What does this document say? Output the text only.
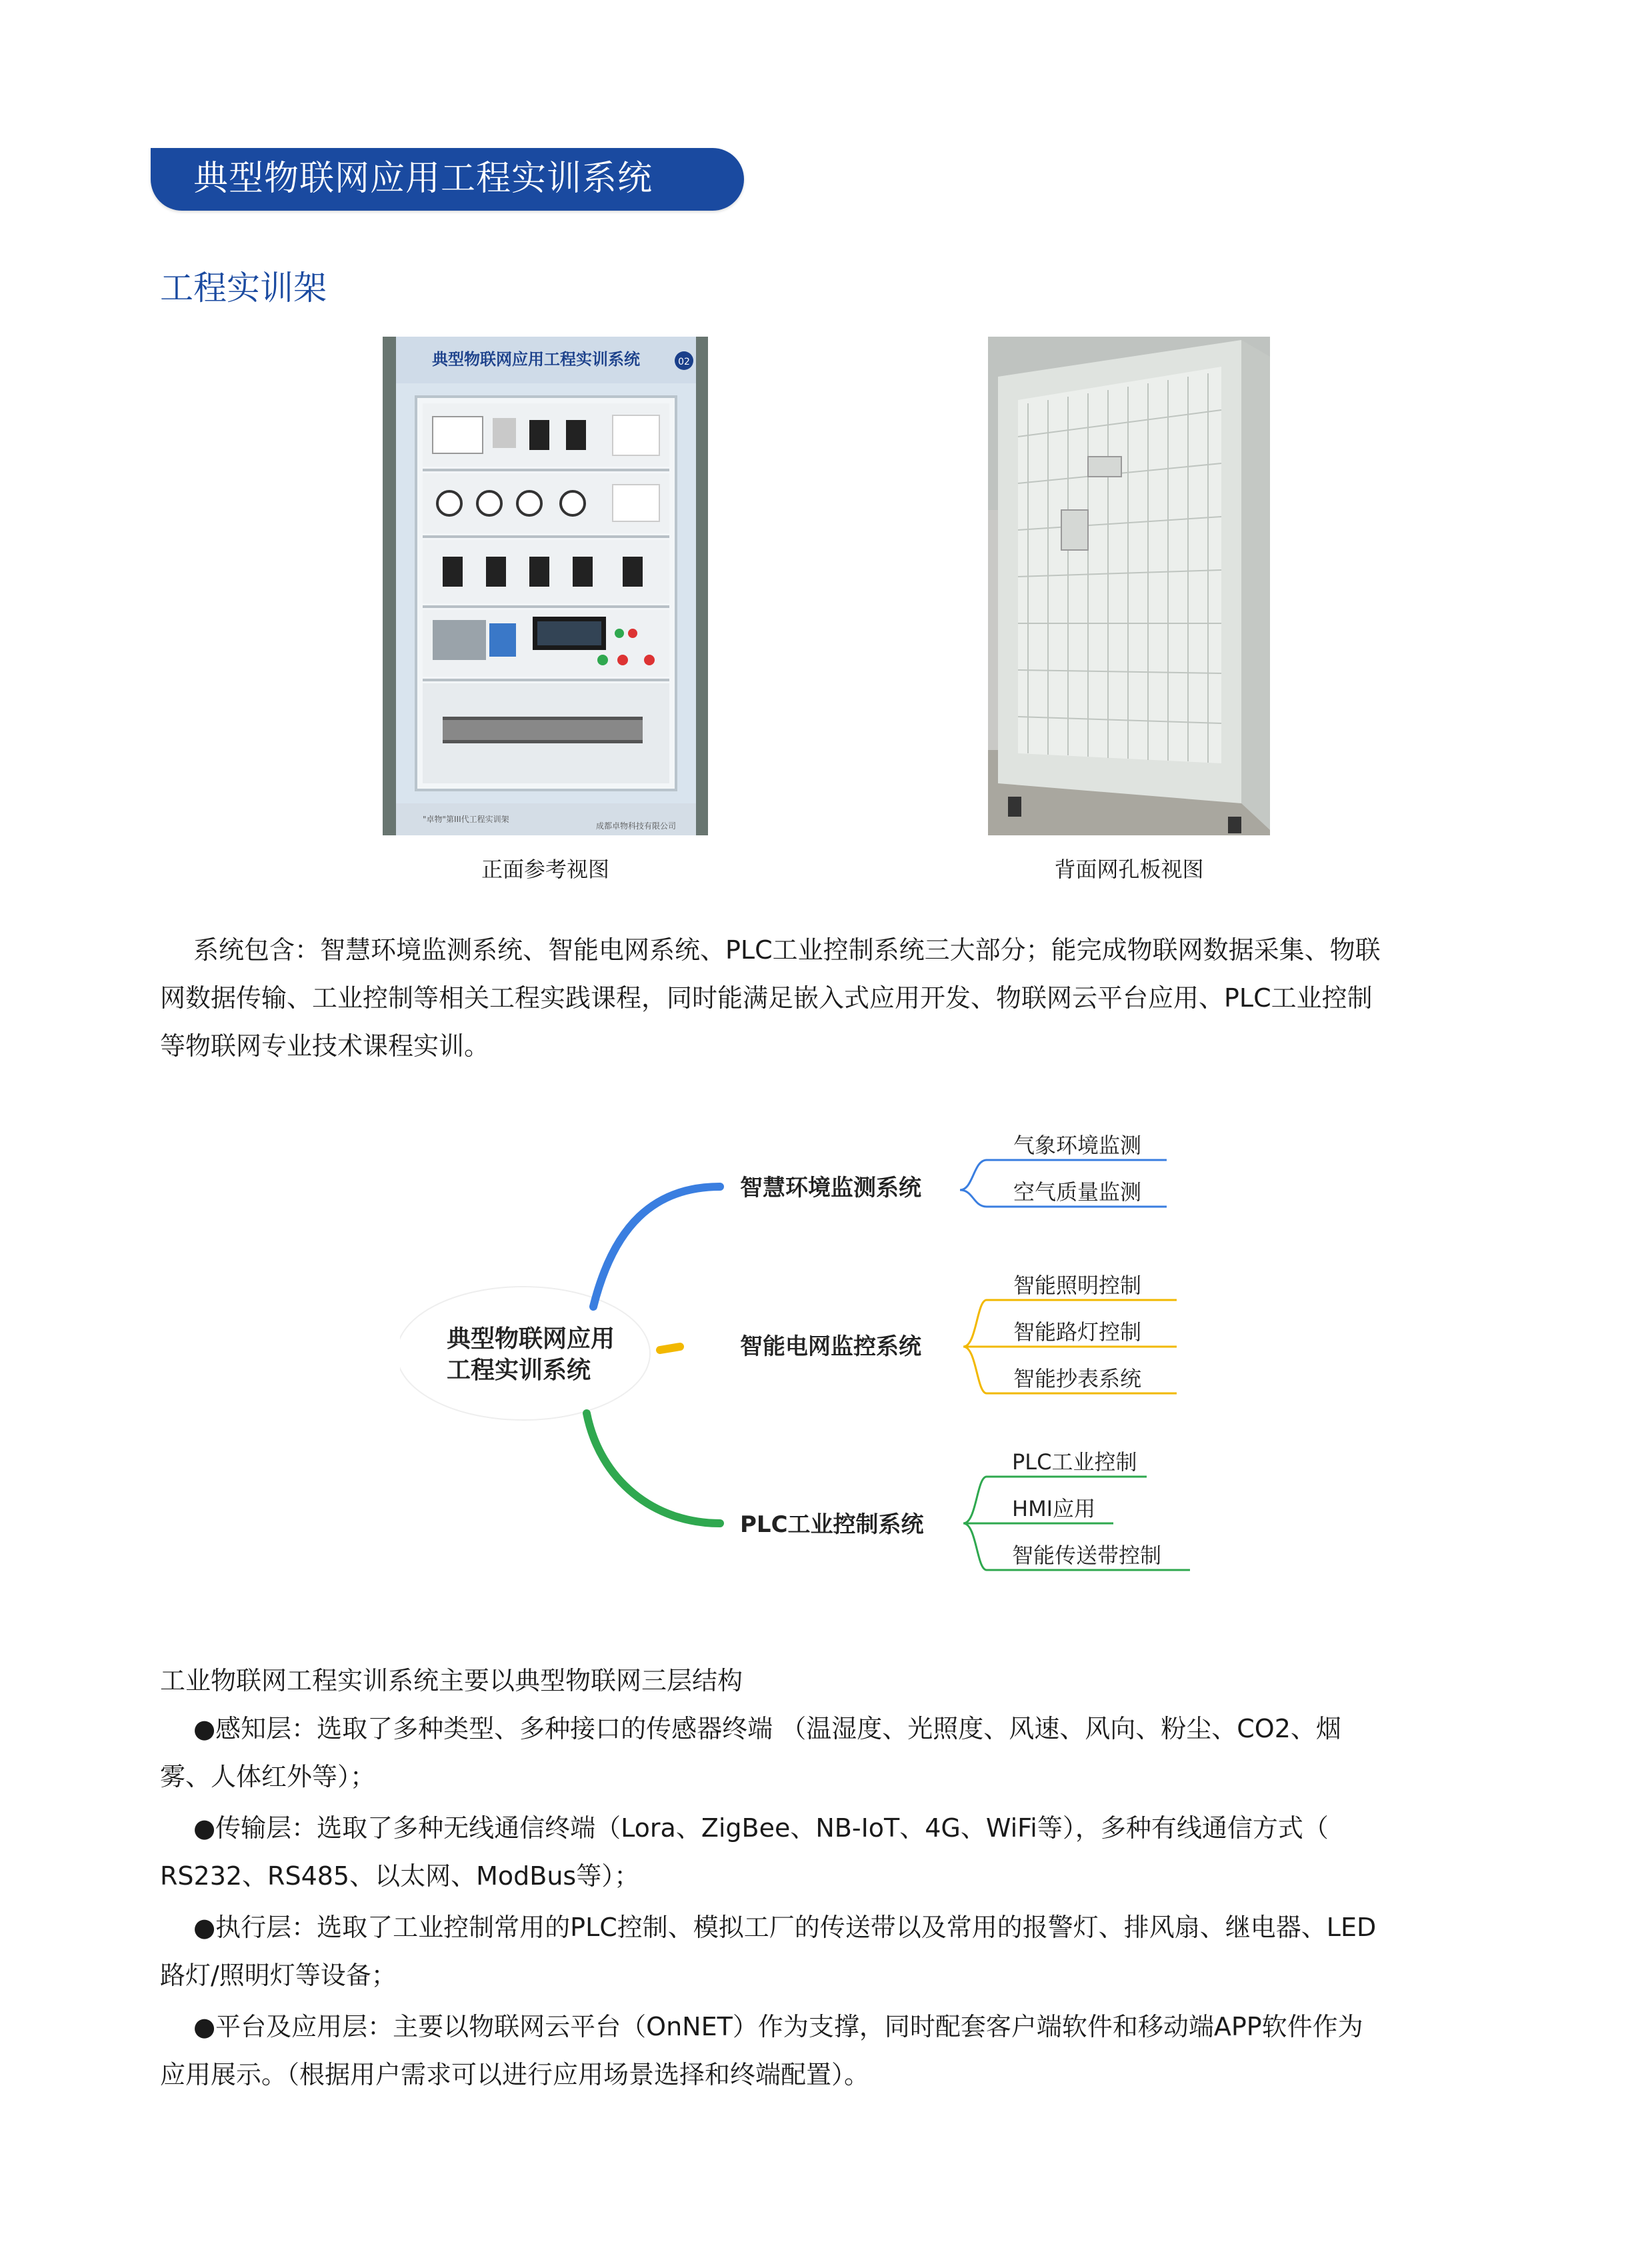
典型物联网应用工程实训系统
工程实训架
典型物联网应用工程实训系统	02
"卓物"第III代工程实训架
成都卓物科技有限公司
正面参考视图	背面网孔板视图
系统包含：智慧环境监测系统、智能电网系统、PLC工业控制系统三大部分；能完成物联网数据采集、物联
网数据传输、工业控制等相关工程实践课程，同时能满足嵌入式应用开发、物联网云平台应用、PLC工业控制
等物联网专业技术课程实训。
典型物联网应用
工程实训系统
智慧环境监测系统
智能电网监控系统
PLC工业控制系统
气象环境监测
空气质量监测
智能照明控制
智能路灯控制
智能抄表系统
PLC工业控制
HMI应用
智能传送带控制
工业物联网工程实训系统主要以典型物联网三层结构
●感知层：选取了多种类型、多种接口的传感器终端 （温湿度、光照度、风速、风向、粉尘、CO2、烟
雾、人体红外等）；
●传输层：选取了多种无线通信终端（Lora、ZigBee、NB-IoT、4G、WiFi等），多种有线通信方式（
RS232、RS485、以太网、ModBus等）；
●执行层：选取了工业控制常用的PLC控制、模拟工厂的传送带以及常用的报警灯、排风扇、继电器、LED
路灯/照明灯等设备；
●平台及应用层：主要以物联网云平台（OnNET）作为支撑，同时配套客户端软件和移动端APP软件作为
应用展示。（根据用户需求可以进行应用场景选择和终端配置）。
